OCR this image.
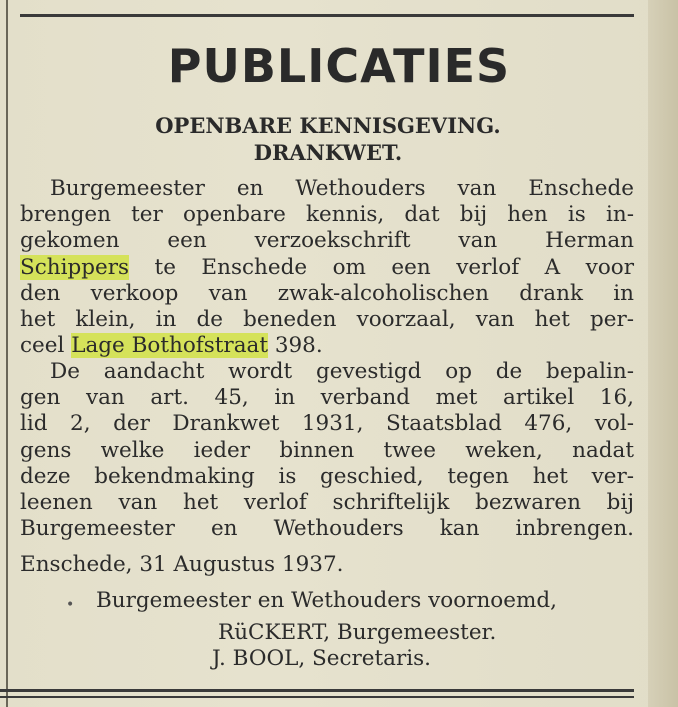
PUBLICATIES
OPENBARE KENNISGEVING.
DRANKWET.
Burgemeester en Wethouders van Enschede
brengen ter openbare kennis, dat bij hen is in-
gekomen een verzoekschrift van Herman
Schippers te Enschede om een verlof A voor
den verkoop van zwak-alcoholischen drank in
het klein, in de beneden voorzaal, van het per-
ceel Lage Bothofstraat 398.
De aandacht wordt gevestigd op de bepalin-
gen van art. 45, in verband met artikel 16,
lid 2, der Drankwet 1931, Staatsblad 476, vol-
gens welke ieder binnen twee weken, nadat
deze bekendmaking is geschied, tegen het ver-
leenen van het verlof schriftelijk bezwaren bij
Burgemeester en Wethouders kan inbrengen.
Enschede, 31 Augustus 1937.
• Burgemeester en Wethouders voornoemd,
RüCKERT, Burgemeester.
J. BOOL, Secretaris.
